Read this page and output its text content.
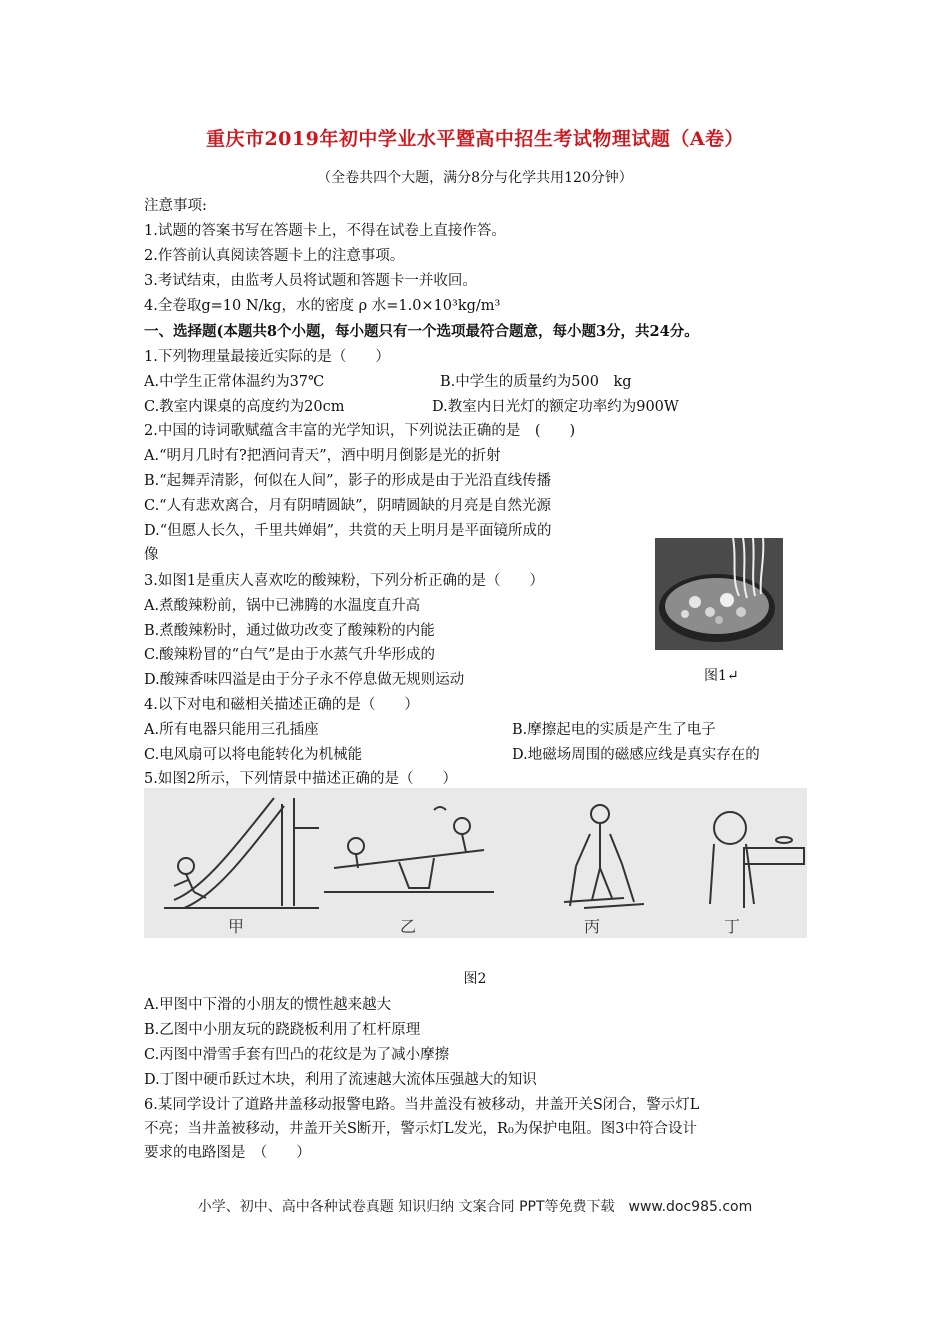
重庆市2019年初中学业水平暨高中招生考试物理试题（A卷）
（全卷共四个大题，满分8分与化学共用120分钟）
注意事项:
1.试题的答案书写在答题卡上，不得在试卷上直接作答。
2.作答前认真阅读答题卡上的注意事项。
3.考试结束，由监考人员将试题和答题卡一并收回。
4.全卷取g=10 N/kg，水的密度 ρ 水=1.0×10³kg/m³
一、选择题(本题共8个小题，每小题只有一个选项最符合题意，每小题3分，共24分。
1.下列物理量最接近实际的是（　　）
A.中学生正常体温约为37℃	B.中学生的质量约为500　kg
C.教室内课桌的高度约为20cm	D.教室内日光灯的额定功率约为900W
2.中国的诗词歌赋蕴含丰富的光学知识，下列说法正确的是　(　　)
A.“明月几时有?把酒问青天”，酒中明月倒影是光的折射
B.“起舞弄清影，何似在人间”，影子的形成是由于光沿直线传播
C.“人有悲欢离合，月有阴晴圆缺”，阴晴圆缺的月亮是自然光源
D.“但愿人长久，千里共婵娟”，共赏的天上明月是平面镜所成的
像
3.如图1是重庆人喜欢吃的酸辣粉，下列分析正确的是（　　）
A.煮酸辣粉前，锅中已沸腾的水温度直升高
B.煮酸辣粉时，通过做功改变了酸辣粉的内能
C.酸辣粉冒的“白气”是由于水蒸气升华形成的
D.酸辣香味四溢是由于分子永不停息做无规则运动	图1↵
4.以下对电和磁相关描述正确的是（　　）
A.所有电器只能用三孔插座	B.摩擦起电的实质是产生了电子
C.电风扇可以将电能转化为机械能	D.地磁场周围的磁感应线是真实存在的
5.如图2所示，下列情景中描述正确的是（　　）
甲	乙	丙	丁
图2
A.甲图中下滑的小朋友的惯性越来越大
B.乙图中小朋友玩的跷跷板利用了杠杆原理
C.丙图中滑雪手套有凹凸的花纹是为了减小摩擦
D.丁图中硬币跃过木块，利用了流速越大流体压强越大的知识
6.某同学设计了道路井盖移动报警电路。当井盖没有被移动，井盖开关S闭合，警示灯L
不亮；当井盖被移动，井盖开关S断开，警示灯L发光，R₀为保护电阻。图3中符合设计
要求的电路图是　（　　）
小学、初中、高中各种试卷真题 知识归纳 文案合同 PPT等免费下载　www.doc985.com
